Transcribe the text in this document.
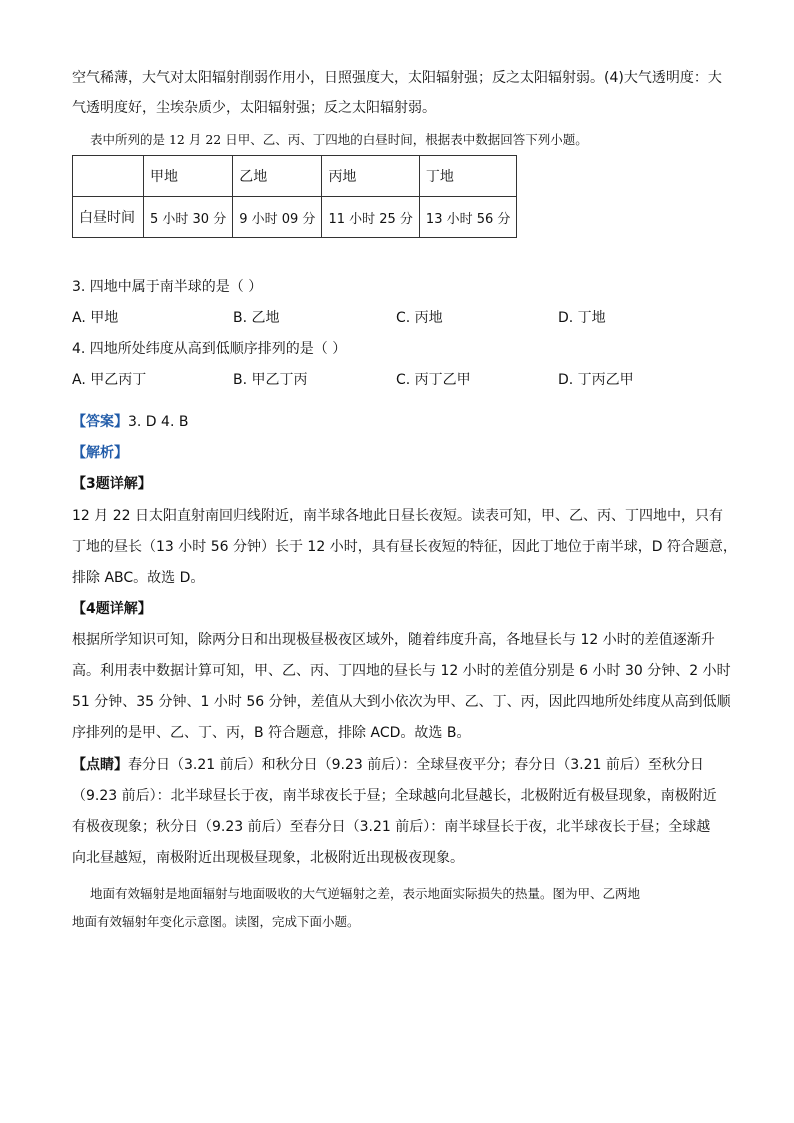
空气稀薄，大气对太阳辐射削弱作用小，日照强度大，太阳辐射强；反之太阳辐射弱。(4)大气透明度：大
气透明度好，尘埃杂质少，太阳辐射强；反之太阳辐射弱。
表中所列的是 12 月 22 日甲、乙、丙、丁四地的白昼时间，根据表中数据回答下列小题。
	甲地	乙地	丙地	丁地
白昼时间	5 小时 30 分	9 小时 09 分	11 小时 25 分	13 小时 56 分
3. 四地中属于南半球的是（ ）
A. 甲地	B. 乙地	C. 丙地	D. 丁地
4. 四地所处纬度从高到低顺序排列的是（ ）
A. 甲乙丙丁	B. 甲乙丁丙	C. 丙丁乙甲	D. 丁丙乙甲
【答案】3. D 4. B
【解析】
【3题详解】
12 月 22 日太阳直射南回归线附近，南半球各地此日昼长夜短。读表可知，甲、乙、丙、丁四地中，只有
丁地的昼长（13 小时 56 分钟）长于 12 小时，具有昼长夜短的特征，因此丁地位于南半球，D 符合题意，
排除 ABC。故选 D。
【4题详解】
根据所学知识可知，除两分日和出现极昼极夜区域外，随着纬度升高，各地昼长与 12 小时的差值逐渐升
高。利用表中数据计算可知，甲、乙、丙、丁四地的昼长与 12 小时的差值分别是 6 小时 30 分钟、2 小时
51 分钟、35 分钟、1 小时 56 分钟，差值从大到小依次为甲、乙、丁、丙，因此四地所处纬度从高到低顺
序排列的是甲、乙、丁、丙，B 符合题意，排除 ACD。故选 B。
【点睛】春分日（3.21 前后）和秋分日（9.23 前后）：全球昼夜平分；春分日（3.21 前后）至秋分日
（9.23 前后）：北半球昼长于夜，南半球夜长于昼；全球越向北昼越长，北极附近有极昼现象，南极附近
有极夜现象；秋分日（9.23 前后）至春分日（3.21 前后）：南半球昼长于夜，北半球夜长于昼；全球越
向北昼越短，南极附近出现极昼现象，北极附近出现极夜现象。
地面有效辐射是地面辐射与地面吸收的大气逆辐射之差，表示地面实际损失的热量。图为甲、乙两地
地面有效辐射年变化示意图。读图，完成下面小题。
